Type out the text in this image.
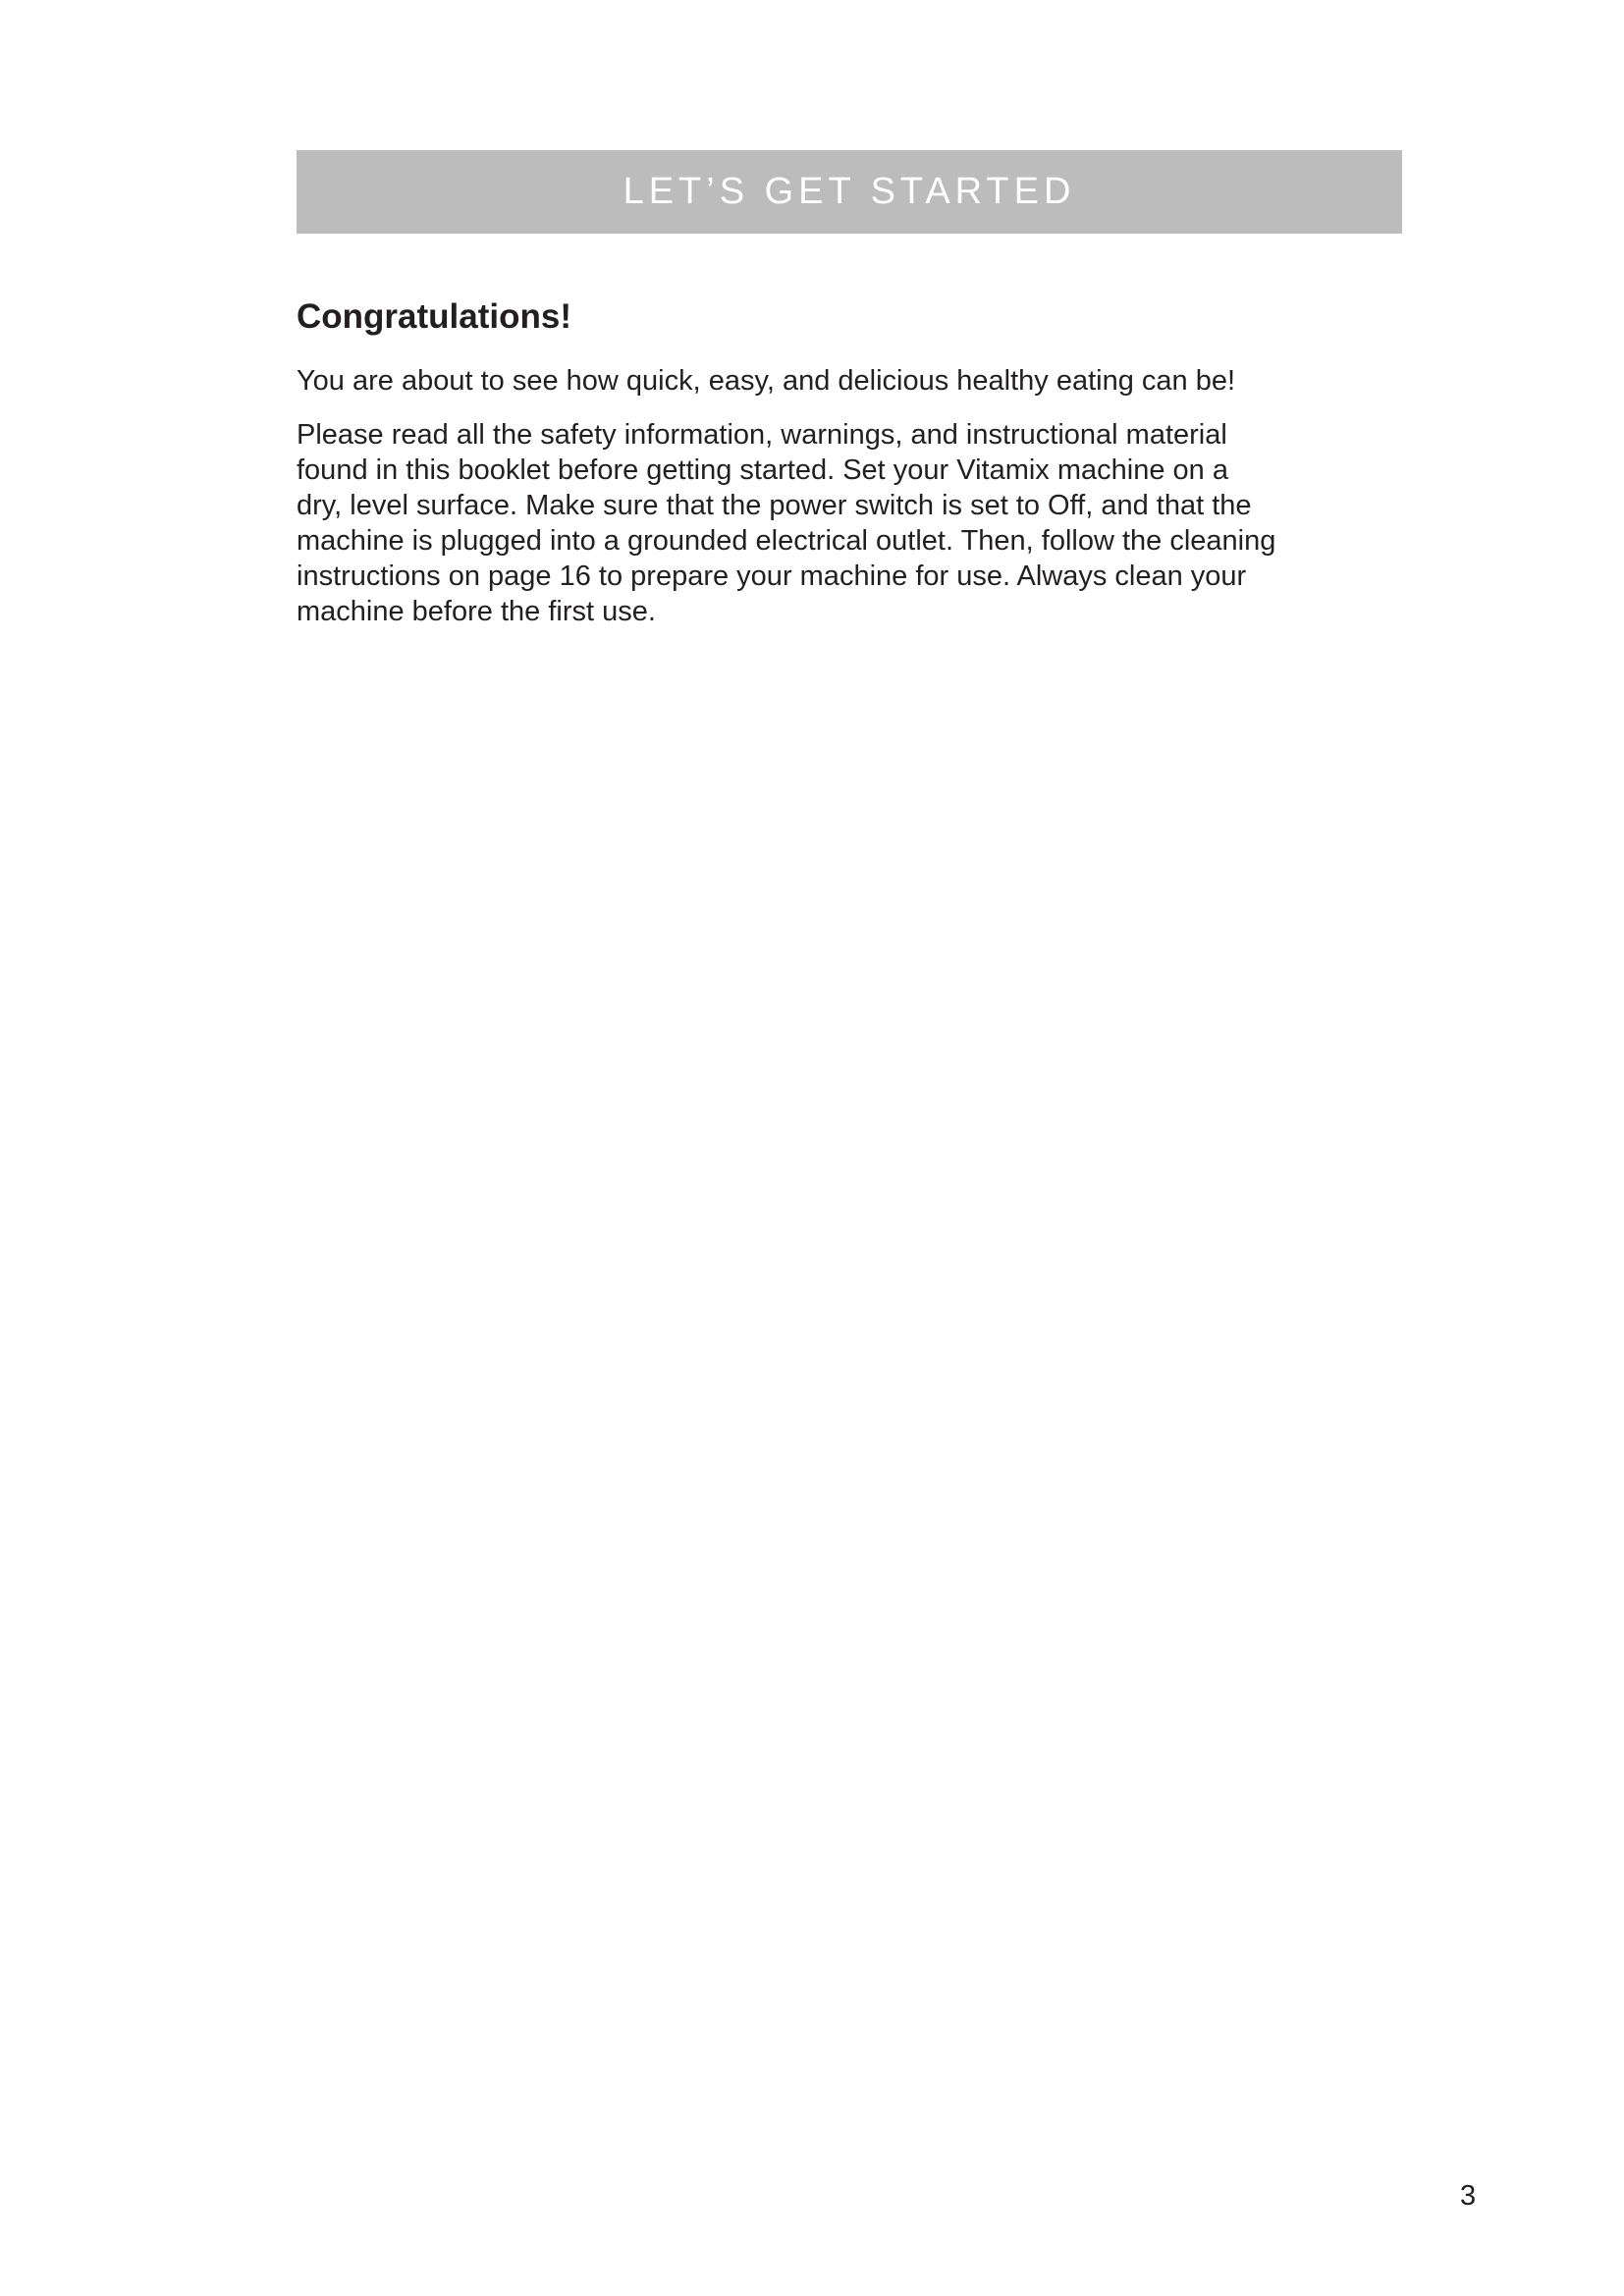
LET’S GET STARTED
Congratulations!

You are about to see how quick, easy, and delicious healthy eating can be!

Please read all the safety information, warnings, and instructional material
found in this booklet before getting started. Set your Vitamix machine on a
dry, level surface. Make sure that the power switch is set to Off, and that the
machine is plugged into a grounded electrical outlet. Then, follow the cleaning
instructions on page 16 to prepare your machine for use. Always clean your
machine before the first use.

3
